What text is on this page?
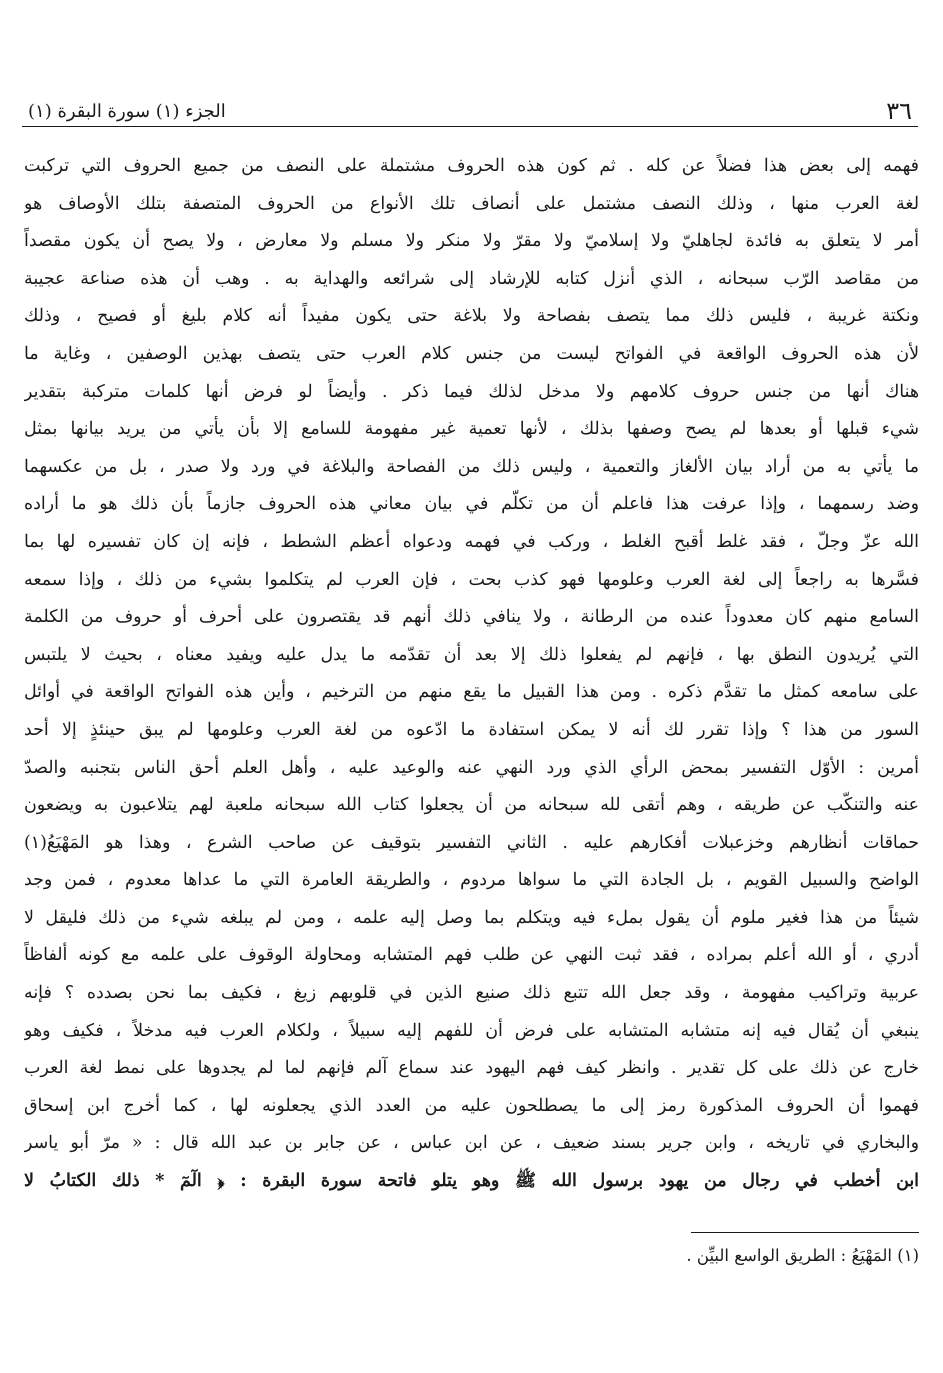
٣٦
الجزء (١) سورة البقرة (١)
فهمه إلى بعض هذا فضلاً عن كله . ثم كون هذه الحروف مشتملة على النصف من جميع الحروف التي تركبت
لغة العرب منها ، وذلك النصف مشتمل على أنصاف تلك الأنواع من الحروف المتصفة بتلك الأوصاف هو
أمر لا يتعلق به فائدة لجاهليّ ولا إسلاميّ ولا مقرّ ولا منكر ولا مسلم ولا معارض ، ولا يصح أن يكون مقصداً
من مقاصد الرّب سبحانه ، الذي أنزل كتابه للإرشاد إلى شرائعه والهداية به . وهب أن هذه صناعة عجيبة
ونكتة غريبة ، فليس ذلك مما يتصف بفصاحة ولا بلاغة حتى يكون مفيداً أنه كلام بليغ أو فصيح ، وذلك
لأن هذه الحروف الواقعة في الفواتح ليست من جنس كلام العرب حتى يتصف بهذين الوصفين ، وغاية ما
هناك أنها من جنس حروف كلامهم ولا مدخل لذلك فيما ذكر . وأيضاً لو فرض أنها كلمات متركبة بتقدير
شيء قبلها أو بعدها لم يصح وصفها بذلك ، لأنها تعمية غير مفهومة للسامع إلا بأن يأتي من يريد بيانها بمثل
ما يأتي به من أراد بيان الألغاز والتعمية ، وليس ذلك من الفصاحة والبلاغة في ورد ولا صدر ، بل من عكسهما
وضد رسمهما ، وإذا عرفت هذا فاعلم أن من تكلّم في بيان معاني هذه الحروف جازماً بأن ذلك هو ما أراده
الله عزّ وجلّ ، فقد غلط أقبح الغلط ، وركب في فهمه ودعواه أعظم الشطط ، فإنه إن كان تفسيره لها بما
فسَّرها به راجعاً إلى لغة العرب وعلومها فهو كذب بحت ، فإن العرب لم يتكلموا بشيء من ذلك ، وإذا سمعه
السامع منهم كان معدوداً عنده من الرطانة ، ولا ينافي ذلك أنهم قد يقتصرون على أحرف أو حروف من الكلمة
التي يُريدون النطق بها ، فإنهم لم يفعلوا ذلك إلا بعد أن تقدّمه ما يدل عليه ويفيد معناه ، بحيث لا يلتبس
على سامعه كمثل ما تقدَّم ذكره . ومن هذا القبيل ما يقع منهم من الترخيم ، وأين هذه الفواتح الواقعة في أوائل
السور من هذا ؟ وإذا تقرر لك أنه لا يمكن استفادة ما ادّعوه من لغة العرب وعلومها لم يبق حينئذٍ إلا أحد
أمرين : الأوّل التفسير بمحض الرأي الذي ورد النهي عنه والوعيد عليه ، وأهل العلم أحق الناس بتجنبه والصدّ
عنه والتنكّب عن طريقه ، وهم أتقى لله سبحانه من أن يجعلوا كتاب الله سبحانه ملعبة لهم يتلاعبون به ويضعون
حماقات أنظارهم وخزعبلات أفكارهم عليه . الثاني التفسير بتوقيف عن صاحب الشرع ، وهذا هو المَهْيَعُ(١)
الواضح والسبيل القويم ، بل الجادة التي ما سواها مردوم ، والطريقة العامرة التي ما عداها معدوم ، فمن وجد
شيئاً من هذا فغير ملوم أن يقول بملء فيه ويتكلم بما وصل إليه علمه ، ومن لم يبلغه شيء من ذلك فليقل لا
أدري ، أو الله أعلم بمراده ، فقد ثبت النهي عن طلب فهم المتشابه ومحاولة الوقوف على علمه مع كونه ألفاظاً
عربية وتراكيب مفهومة ، وقد جعل الله تتبع ذلك صنيع الذين في قلوبهم زيغ ، فكيف بما نحن بصدده ؟ فإنه
ينبغي أن يُقال فيه إنه متشابه المتشابه على فرض أن للفهم إليه سبيلاً ، ولكلام العرب فيه مدخلاً ، فكيف وهو
خارج عن ذلك على كل تقدير . وانظر كيف فهم اليهود عند سماع آلم فإنهم لما لم يجدوها على نمط لغة العرب
فهموا أن الحروف المذكورة رمز إلى ما يصطلحون عليه من العدد الذي يجعلونه لها ، كما أخرج ابن إسحاق
والبخاري في تاريخه ، وابن جرير بسند ضعيف ، عن ابن عباس ، عن جابر بن عبد الله قال : « مرّ أبو ياسر
ابن أخطب في رجال من يهود برسول الله ﷺ وهو يتلو فاتحة سورة البقرة : ﴿ الٓمٓ * ذلك الكتابُ لا
(١) المَهْيَعُ : الطريق الواسع البيِّن .
